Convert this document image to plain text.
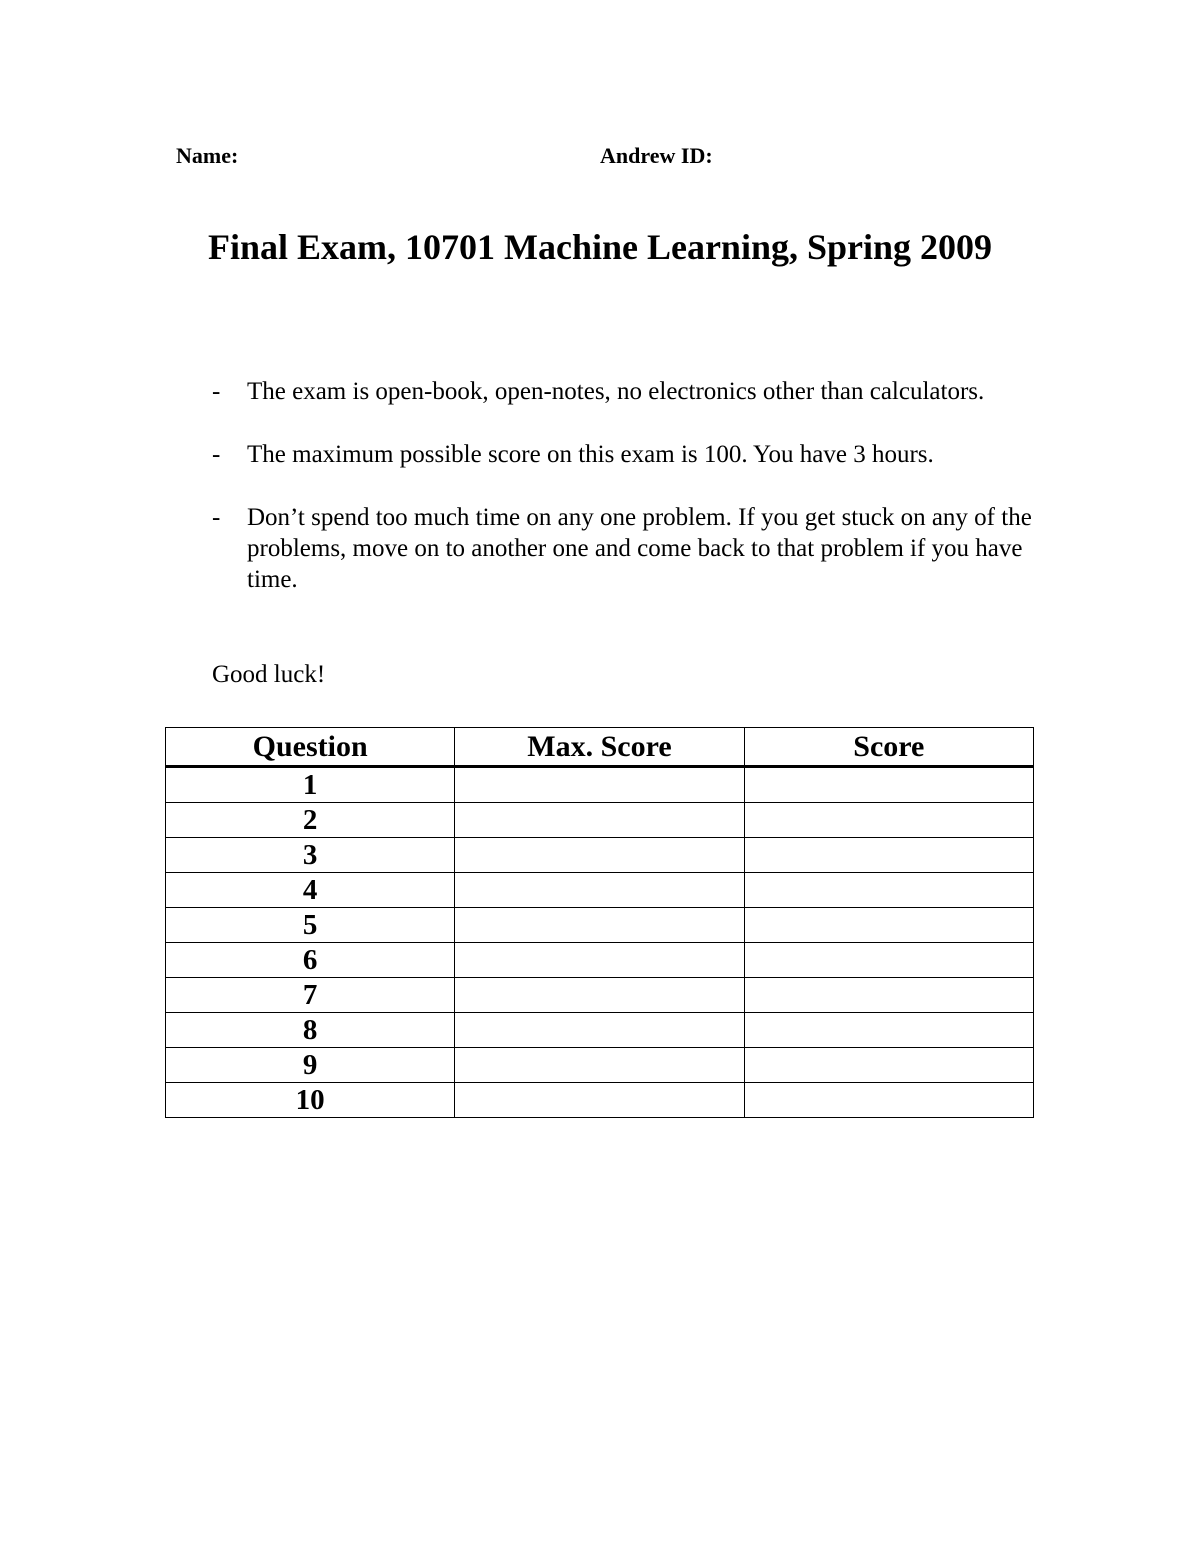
Name:	Andrew ID:
Final Exam, 10701 Machine Learning, Spring 2009
-	The exam is open-book, open-notes, no electronics other than calculators.
-	The maximum possible score on this exam is 100. You have 3 hours.
-	Don’t spend too much time on any one problem. If you get stuck on any of the problems, move on to another one and come back to that problem if you have time.
Good luck!
Question	Max. Score	Score
1		
2		
3		
4		
5		
6		
7		
8		
9		
10		
